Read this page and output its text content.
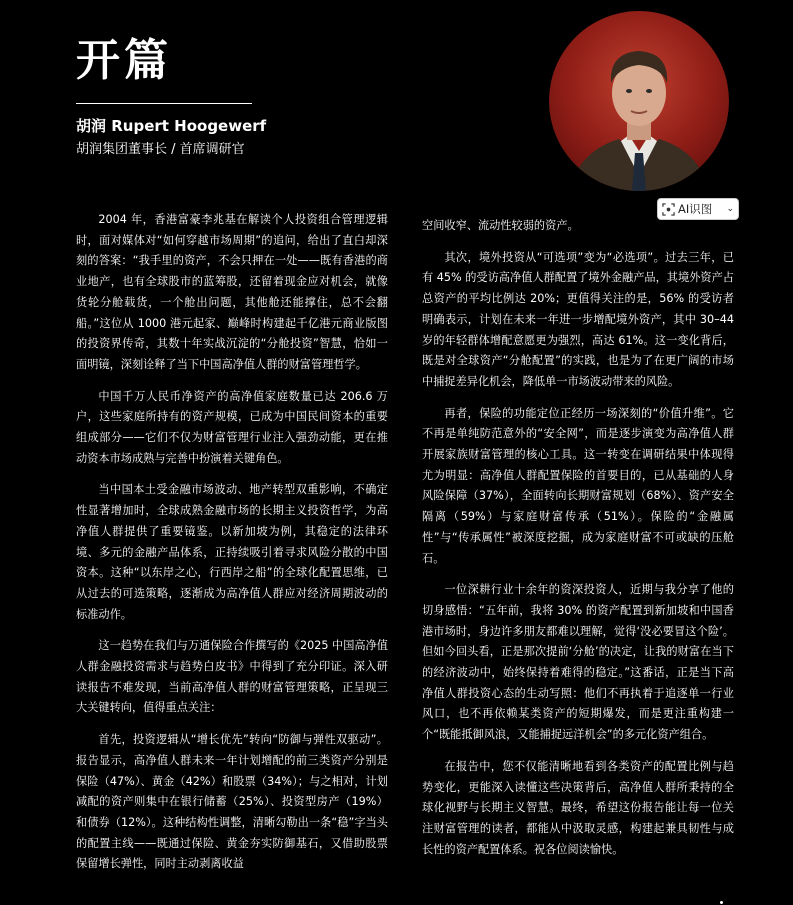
开篇
胡润 Rupert Hoogewerf
胡润集团董事长 / 首席调研官
AI识图 ⌄

2004 年，香港富豪李兆基在解读个人投资组合管理逻辑时，面对媒体对“如何穿越市场周期”的追问，给出了直白却深刻的答案：“我手里的资产，不会只押在一处——既有香港的商业地产，也有全球股市的蓝筹股，还留着现金应对机会，就像货轮分舱载货，一个舱出问题，其他舱还能撑住，总不会翻船。”这位从 1000 港元起家、巅峰时构建起千亿港元商业版图的投资界传奇，其数十年实战沉淀的“分舱投资”智慧，恰如一面明镜，深刻诠释了当下中国高净值人群的财富管理哲学。

中国千万人民币净资产的高净值家庭数量已达 206.6 万户，这些家庭所持有的资产规模，已成为中国民间资本的重要组成部分——它们不仅为财富管理行业注入强劲动能，更在推动资本市场成熟与完善中扮演着关键角色。

当中国本土受金融市场波动、地产转型双重影响，不确定性显著增加时，全球成熟金融市场的长期主义投资哲学，为高净值人群提供了重要镜鉴。以新加坡为例，其稳定的法律环境、多元的金融产品体系，正持续吸引着寻求风险分散的中国资本。这种“以东岸之心，行西岸之船”的全球化配置思维，已从过去的可选策略，逐渐成为高净值人群应对经济周期波动的标准动作。

这一趋势在我们与万通保险合作撰写的《2025 中国高净值人群金融投资需求与趋势白皮书》中得到了充分印证。深入研读报告不难发现，当前高净值人群的财富管理策略，正呈现三大关键转向，值得重点关注：

首先，投资逻辑从“增长优先”转向“防御与弹性双驱动”。报告显示，高净值人群未来一年计划增配的前三类资产分别是保险（47%）、黄金（42%）和股票（34%）；与之相对，计划减配的资产则集中在银行储蓄（25%）、投资型房产（19%）和债券（12%）。这种结构性调整，清晰勾勒出一条“稳”字当头的配置主线——既通过保险、黄金夯实防御基石，又借助股票保留增长弹性，同时主动剥离收益

空间收窄、流动性较弱的资产。

其次，境外投资从“可选项”变为“必选项”。过去三年，已有 45% 的受访高净值人群配置了境外金融产品，其境外资产占总资产的平均比例达 20%；更值得关注的是，56% 的受访者明确表示，计划在未来一年进一步增配境外资产，其中 30–44 岁的年轻群体增配意愿更为强烈，高达 61%。这一变化背后，既是对全球资产“分舱配置”的实践，也是为了在更广阔的市场中捕捉差异化机会，降低单一市场波动带来的风险。

再者，保险的功能定位正经历一场深刻的“价值升维”。它不再是单纯防范意外的“安全网”，而是逐步演变为高净值人群开展家族财富管理的核心工具。这一转变在调研结果中体现得尤为明显：高净值人群配置保险的首要目的，已从基础的人身风险保障（37%），全面转向长期财富规划（68%）、资产安全隔离（59%）与家庭财富传承（51%）。保险的“金融属性”与“传承属性”被深度挖掘，成为家庭财富不可或缺的压舱石。

一位深耕行业十余年的资深投资人，近期与我分享了他的切身感悟：“五年前，我将 30% 的资产配置到新加坡和中国香港市场时，身边许多朋友都难以理解，觉得‘没必要冒这个险’。但如今回头看，正是那次提前‘分舱’的决定，让我的财富在当下的经济波动中，始终保持着难得的稳定。”这番话，正是当下高净值人群投资心态的生动写照：他们不再执着于追逐单一行业风口，也不再依赖某类资产的短期爆发，而是更注重构建一个“既能抵御风浪，又能捕捉远洋机会”的多元化资产组合。

在报告中，您不仅能清晰地看到各类资产的配置比例与趋势变化，更能深入读懂这些决策背后，高净值人群所秉持的全球化视野与长期主义智慧。最终，希望这份报告能让每一位关注财富管理的读者，都能从中汲取灵感，构建起兼具韧性与成长性的资产配置体系。祝各位阅读愉快。
